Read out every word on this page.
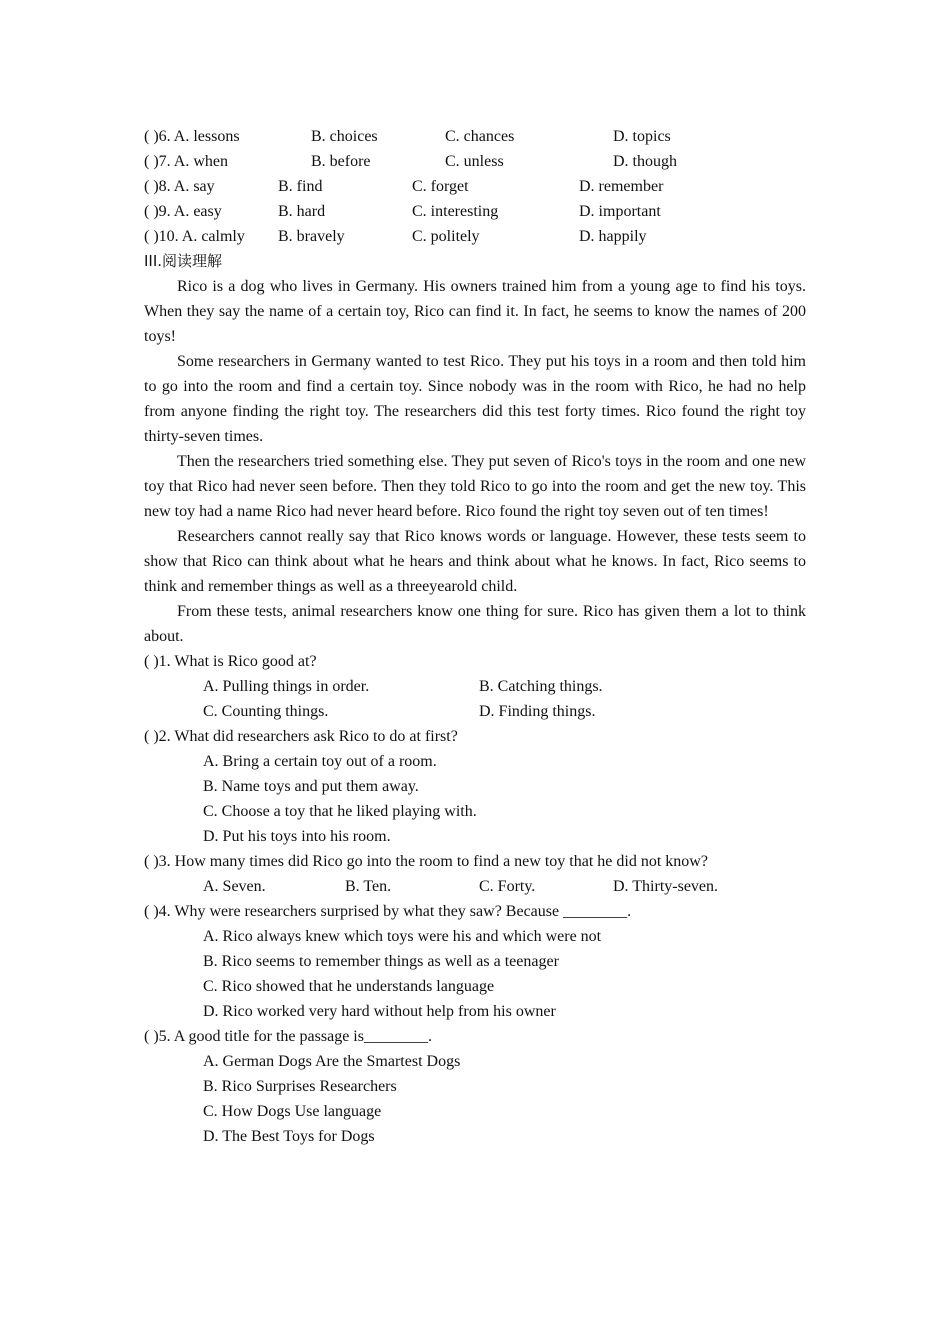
( )6. A. lessons	B. choices	C. chances	D. topics
( )7. A. when	B. before	C. unless	D. though
( )8. A. say	B. find	C. forget	D. remember
( )9. A. easy	B. hard	C. interesting	D. important
( )10. A. calmly B. bravely	C. politely	D. happily
III.阅读理解

Rico is a dog who lives in Germany. His owners trained him from a young age to find his toys. When they say the name of a certain toy, Rico can find it. In fact, he seems to know the names of 200 toys!

Some researchers in Germany wanted to test Rico. They put his toys in a room and then told him to go into the room and find a certain toy. Since nobody was in the room with Rico, he had no help from anyone finding the right toy. The researchers did this test forty times. Rico found the right toy thirty-seven times.

Then the researchers tried something else. They put seven of Rico's toys in the room and one new toy that Rico had never seen before. Then they told Rico to go into the room and get the new toy. This new toy had a name Rico had never heard before. Rico found the right toy seven out of ten times!

Researchers cannot really say that Rico knows words or language. However, these tests seem to show that Rico can think about what he hears and think about what he knows. In fact, Rico seems to think and remember things as well as a threeyearold child.

From these tests, animal researchers know one thing for sure. Rico has given them a lot to think about.

( )1. What is Rico good at?
A. Pulling things in order.	B. Catching things.
C. Counting things.	D. Finding things.
( )2. What did researchers ask Rico to do at first?
A. Bring a certain toy out of a room.
B. Name toys and put them away.
C. Choose a toy that he liked playing with.
D. Put his toys into his room.
( )3. How many times did Rico go into the room to find a new toy that he did not know?
A. Seven.	B. Ten.	C. Forty.	D. Thirty-seven.
( )4. Why were researchers surprised by what they saw? Because ________.
A. Rico always knew which toys were his and which were not
B. Rico seems to remember things as well as a teenager
C. Rico showed that he understands language
D. Rico worked very hard without help from his owner
( )5. A good title for the passage is________.
A. German Dogs Are the Smartest Dogs
B. Rico Surprises Researchers
C. How Dogs Use language
D. The Best Toys for Dogs
